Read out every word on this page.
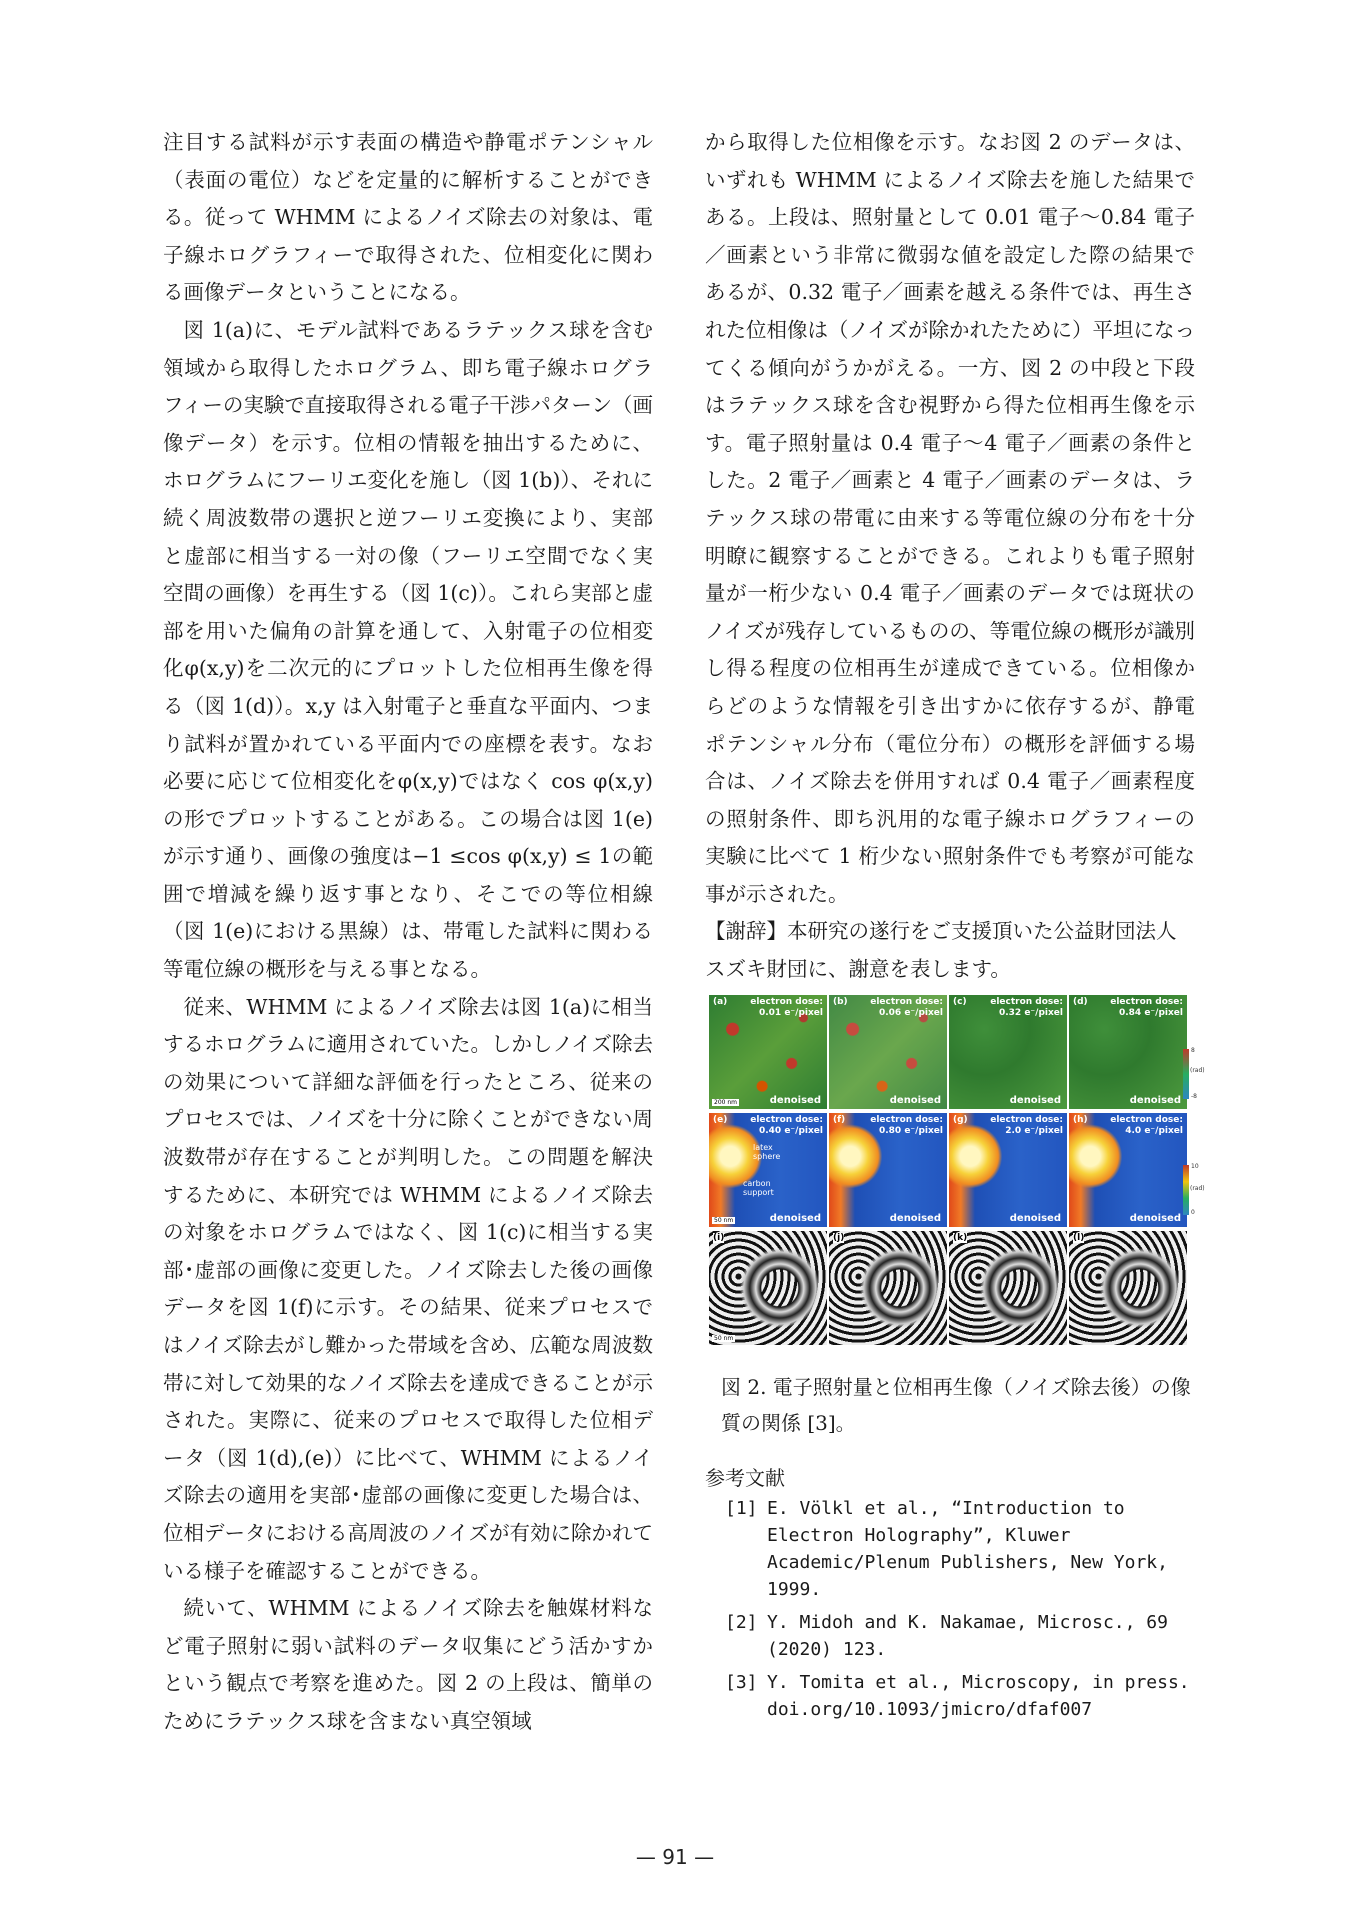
注目する試料が示す表面の構造や静電ポテンシャル（表面の電位）などを定量的に解析することができる。従って WHMM によるノイズ除去の対象は、電子線ホログラフィーで取得された、位相変化に関わる画像データということになる。

図 1(a)に、モデル試料であるラテックス球を含む領域から取得したホログラム、即ち電子線ホログラフィーの実験で直接取得される電子干渉パターン（画像データ）を示す。位相の情報を抽出するために、ホログラムにフーリエ変化を施し（図 1(b)）、それに続く周波数帯の選択と逆フーリエ変換により、実部と虚部に相当する一対の像（フーリエ空間でなく実空間の画像）を再生する（図 1(c)）。これら実部と虚部を用いた偏角の計算を通して、入射電子の位相変化φ(x,y)を二次元的にプロットした位相再生像を得る（図 1(d)）。x,y は入射電子と垂直な平面内、つまり試料が置かれている平面内での座標を表す。なお必要に応じて位相変化をφ(x,y)ではなく cos φ(x,y)の形でプロットすることがある。この場合は図 1(e)が示す通り、画像の強度は−1 ≤cos φ(x,y) ≤ 1の範囲で増減を繰り返す事となり、そこでの等位相線（図 1(e)における黒線）は、帯電した試料に関わる等電位線の概形を与える事となる。

従来、WHMM によるノイズ除去は図 1(a)に相当するホログラムに適用されていた。しかしノイズ除去の効果について詳細な評価を行ったところ、従来のプロセスでは、ノイズを十分に除くことができない周波数帯が存在することが判明した。この問題を解決するために、本研究では WHMM によるノイズ除去の対象をホログラムではなく、図 1(c)に相当する実部･虚部の画像に変更した。ノイズ除去した後の画像データを図 1(f)に示す。その結果、従来プロセスではノイズ除去がし難かった帯域を含め、広範な周波数帯に対して効果的なノイズ除去を達成できることが示された。実際に、従来のプロセスで取得した位相データ（図 1(d),(e)）に比べて、WHMM によるノイズ除去の適用を実部･虚部の画像に変更した場合は、位相データにおける高周波のノイズが有効に除かれている様子を確認することができる。

続いて、WHMM によるノイズ除去を触媒材料など電子照射に弱い試料のデータ収集にどう活かすかという観点で考察を進めた。図 2 の上段は、簡単のためにラテックス球を含まない真空領域

から取得した位相像を示す。なお図 2 のデータは、いずれも WHMM によるノイズ除去を施した結果である。上段は、照射量として 0.01 電子～0.84 電子／画素という非常に微弱な値を設定した際の結果であるが、0.32 電子／画素を越える条件では、再生された位相像は（ノイズが除かれたために）平坦になってくる傾向がうかがえる。一方、図 2 の中段と下段はラテックス球を含む視野から得た位相再生像を示す。電子照射量は 0.4 電子～4 電子／画素の条件とした。2 電子／画素と 4 電子／画素のデータは、ラテックス球の帯電に由来する等電位線の分布を十分明瞭に観察することができる。これよりも電子照射量が一桁少ない 0.4 電子／画素のデータでは斑状のノイズが残存しているものの、等電位線の概形が識別し得る程度の位相再生が達成できている。位相像からどのような情報を引き出すかに依存するが、静電ポテンシャル分布（電位分布）の概形を評価する場合は、ノイズ除去を併用すれば 0.4 電子／画素程度の照射条件、即ち汎用的な電子線ホログラフィーの実験に比べて 1 桁少ない照射条件でも考察が可能な事が示された。

【謝辞】本研究の遂行をご支援頂いた公益財団法人スズキ財団に、謝意を表します。

(a)	electron dose:
0.01 e⁻/pixel
200 nm	denoised
(b)	electron dose:
0.06 e⁻/pixel
denoised
(c)	electron dose:
0.32 e⁻/pixel
denoised
(d)	electron dose:
0.84 e⁻/pixel
denoised
8
(rad)
-8
(e)	electron dose:
0.40 e⁻/pixel
latex sphere
carbon support
50 nm	denoised
(f)	electron dose:
0.80 e⁻/pixel
denoised
(g)	electron dose:
2.0 e⁻/pixel
denoised
(h)	electron dose:
4.0 e⁻/pixel
denoised
10
(rad)
0
(i)
50 nm
(j)	(k)	(l)

図 2. 電子照射量と位相再生像（ノイズ除去後）の像質の関係 [3]。

参考文献

[1] E. Völkl et al., “Introduction to Electron Holography”, Kluwer Academic/Plenum Publishers, New York, 1999.

[2] Y. Midoh and K. Nakamae, Microsc., 69 (2020) 123.

[3] Y. Tomita et al., Microscopy, in press. doi.org/10.1093/jmicro/dfaf007

— 91 —
